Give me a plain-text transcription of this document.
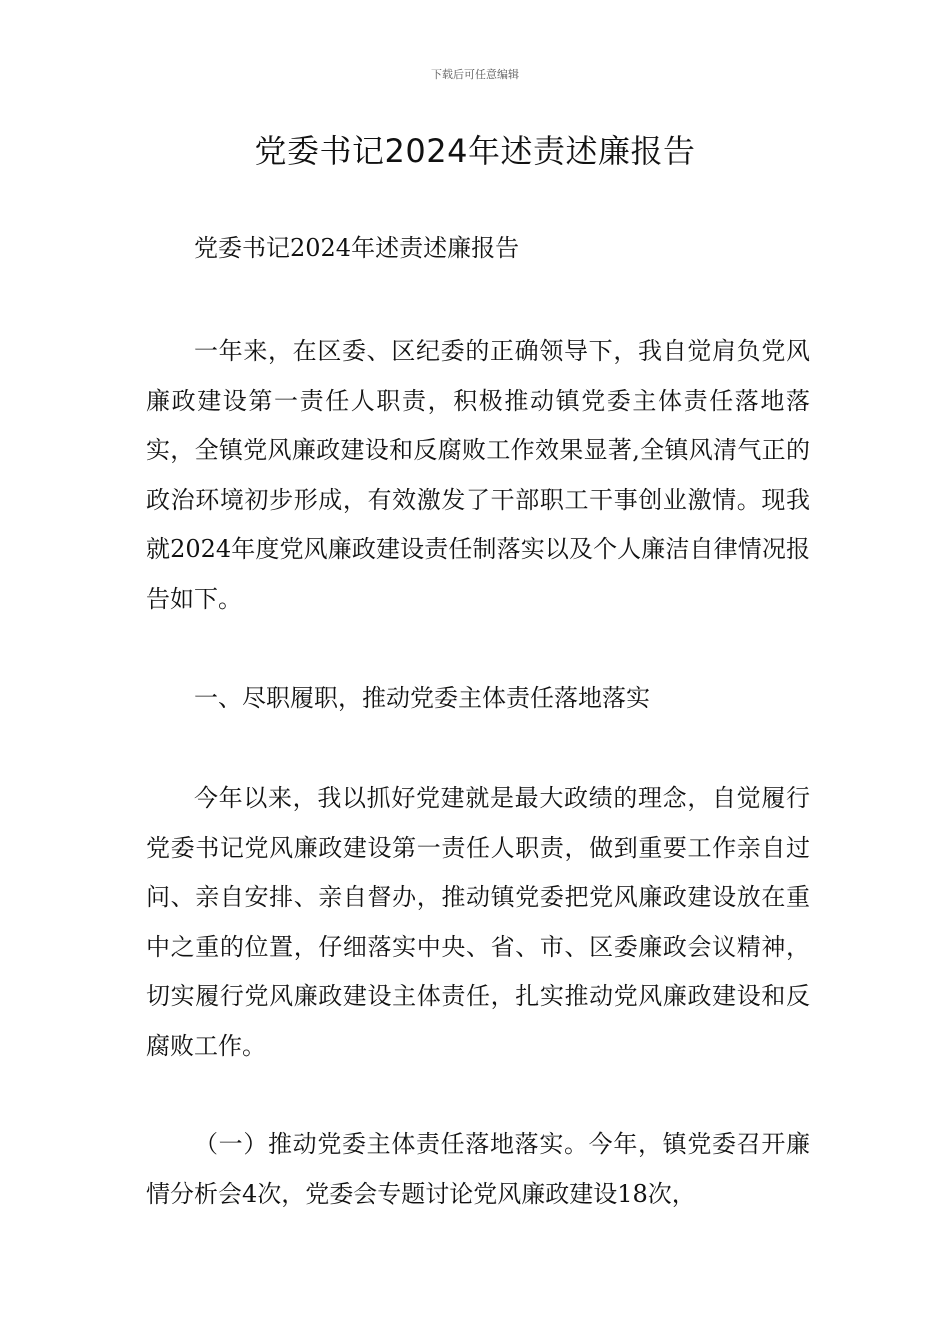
下载后可任意编辑
党委书记2024年述责述廉报告

党委书记2024年述责述廉报告

一年来，在区委、区纪委的正确领导下，我自觉肩负党风廉政建设第一责任人职责，积极推动镇党委主体责任落地落实，全镇党风廉政建设和反腐败工作效果显著,全镇风清气正的政治环境初步形成，有效激发了干部职工干事创业激情。现我就2024年度党风廉政建设责任制落实以及个人廉洁自律情况报告如下。

一、尽职履职，推动党委主体责任落地落实

今年以来，我以抓好党建就是最大政绩的理念，自觉履行党委书记党风廉政建设第一责任人职责，做到重要工作亲自过问、亲自安排、亲自督办，推动镇党委把党风廉政建设放在重中之重的位置，仔细落实中央、省、市、区委廉政会议精神，切实履行党风廉政建设主体责任，扎实推动党风廉政建设和反腐败工作。

（一）推动党委主体责任落地落实。今年，镇党委召开廉情分析会4次，党委会专题讨论党风廉政建设18次，
